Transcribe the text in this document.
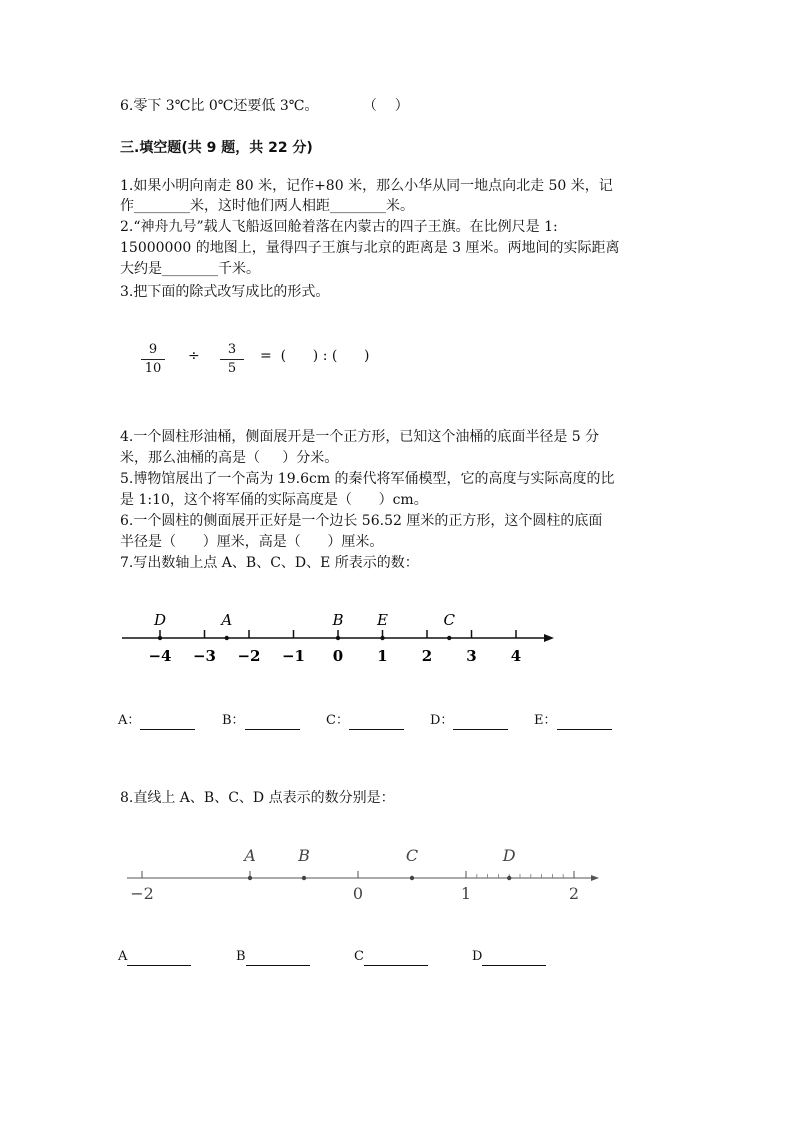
6.零下 3℃比 0℃还要低 3℃。          （    ）
三.填空题(共 9 题，共 22 分)
1.如果小明向南走 80 米，记作+80 米，那么小华从同一地点向北走 50 米，记
作________米，这时他们两人相距________米。
2.“神舟九号”载人飞船返回舱着落在内蒙古的四子王旗。在比例尺是 1:
15000000 的地图上，量得四子王旗与北京的距离是 3 厘米。两地间的实际距离
大约是________千米。
3.把下面的除式改写成比的形式。
9
10
÷	3
5
=  (      ) : (      )
4.一个圆柱形油桶，侧面展开是一个正方形，已知这个油桶的底面半径是 5 分
米，那么油桶的高是（     ）分米。
5.博物馆展出了一个高为 19.6cm 的秦代将军俑模型，它的高度与实际高度的比
是 1:10，这个将军俑的实际高度是（      ）cm。
6.一个圆柱的侧面展开正好是一个边长 56.52 厘米的正方形，这个圆柱的底面
半径是（      ）厘米，高是（      ）厘米。
7.写出数轴上点 A、B、C、D、E 所表示的数：
−4 −3 −2 −1 0 1 2 3 4
D	A	B E	C
A：	B：	C：	D：	E：
8.直线上 A、B、C、D 点表示的数分别是：
−2	0	1	2
A	B	C	D
A	B	C	D
